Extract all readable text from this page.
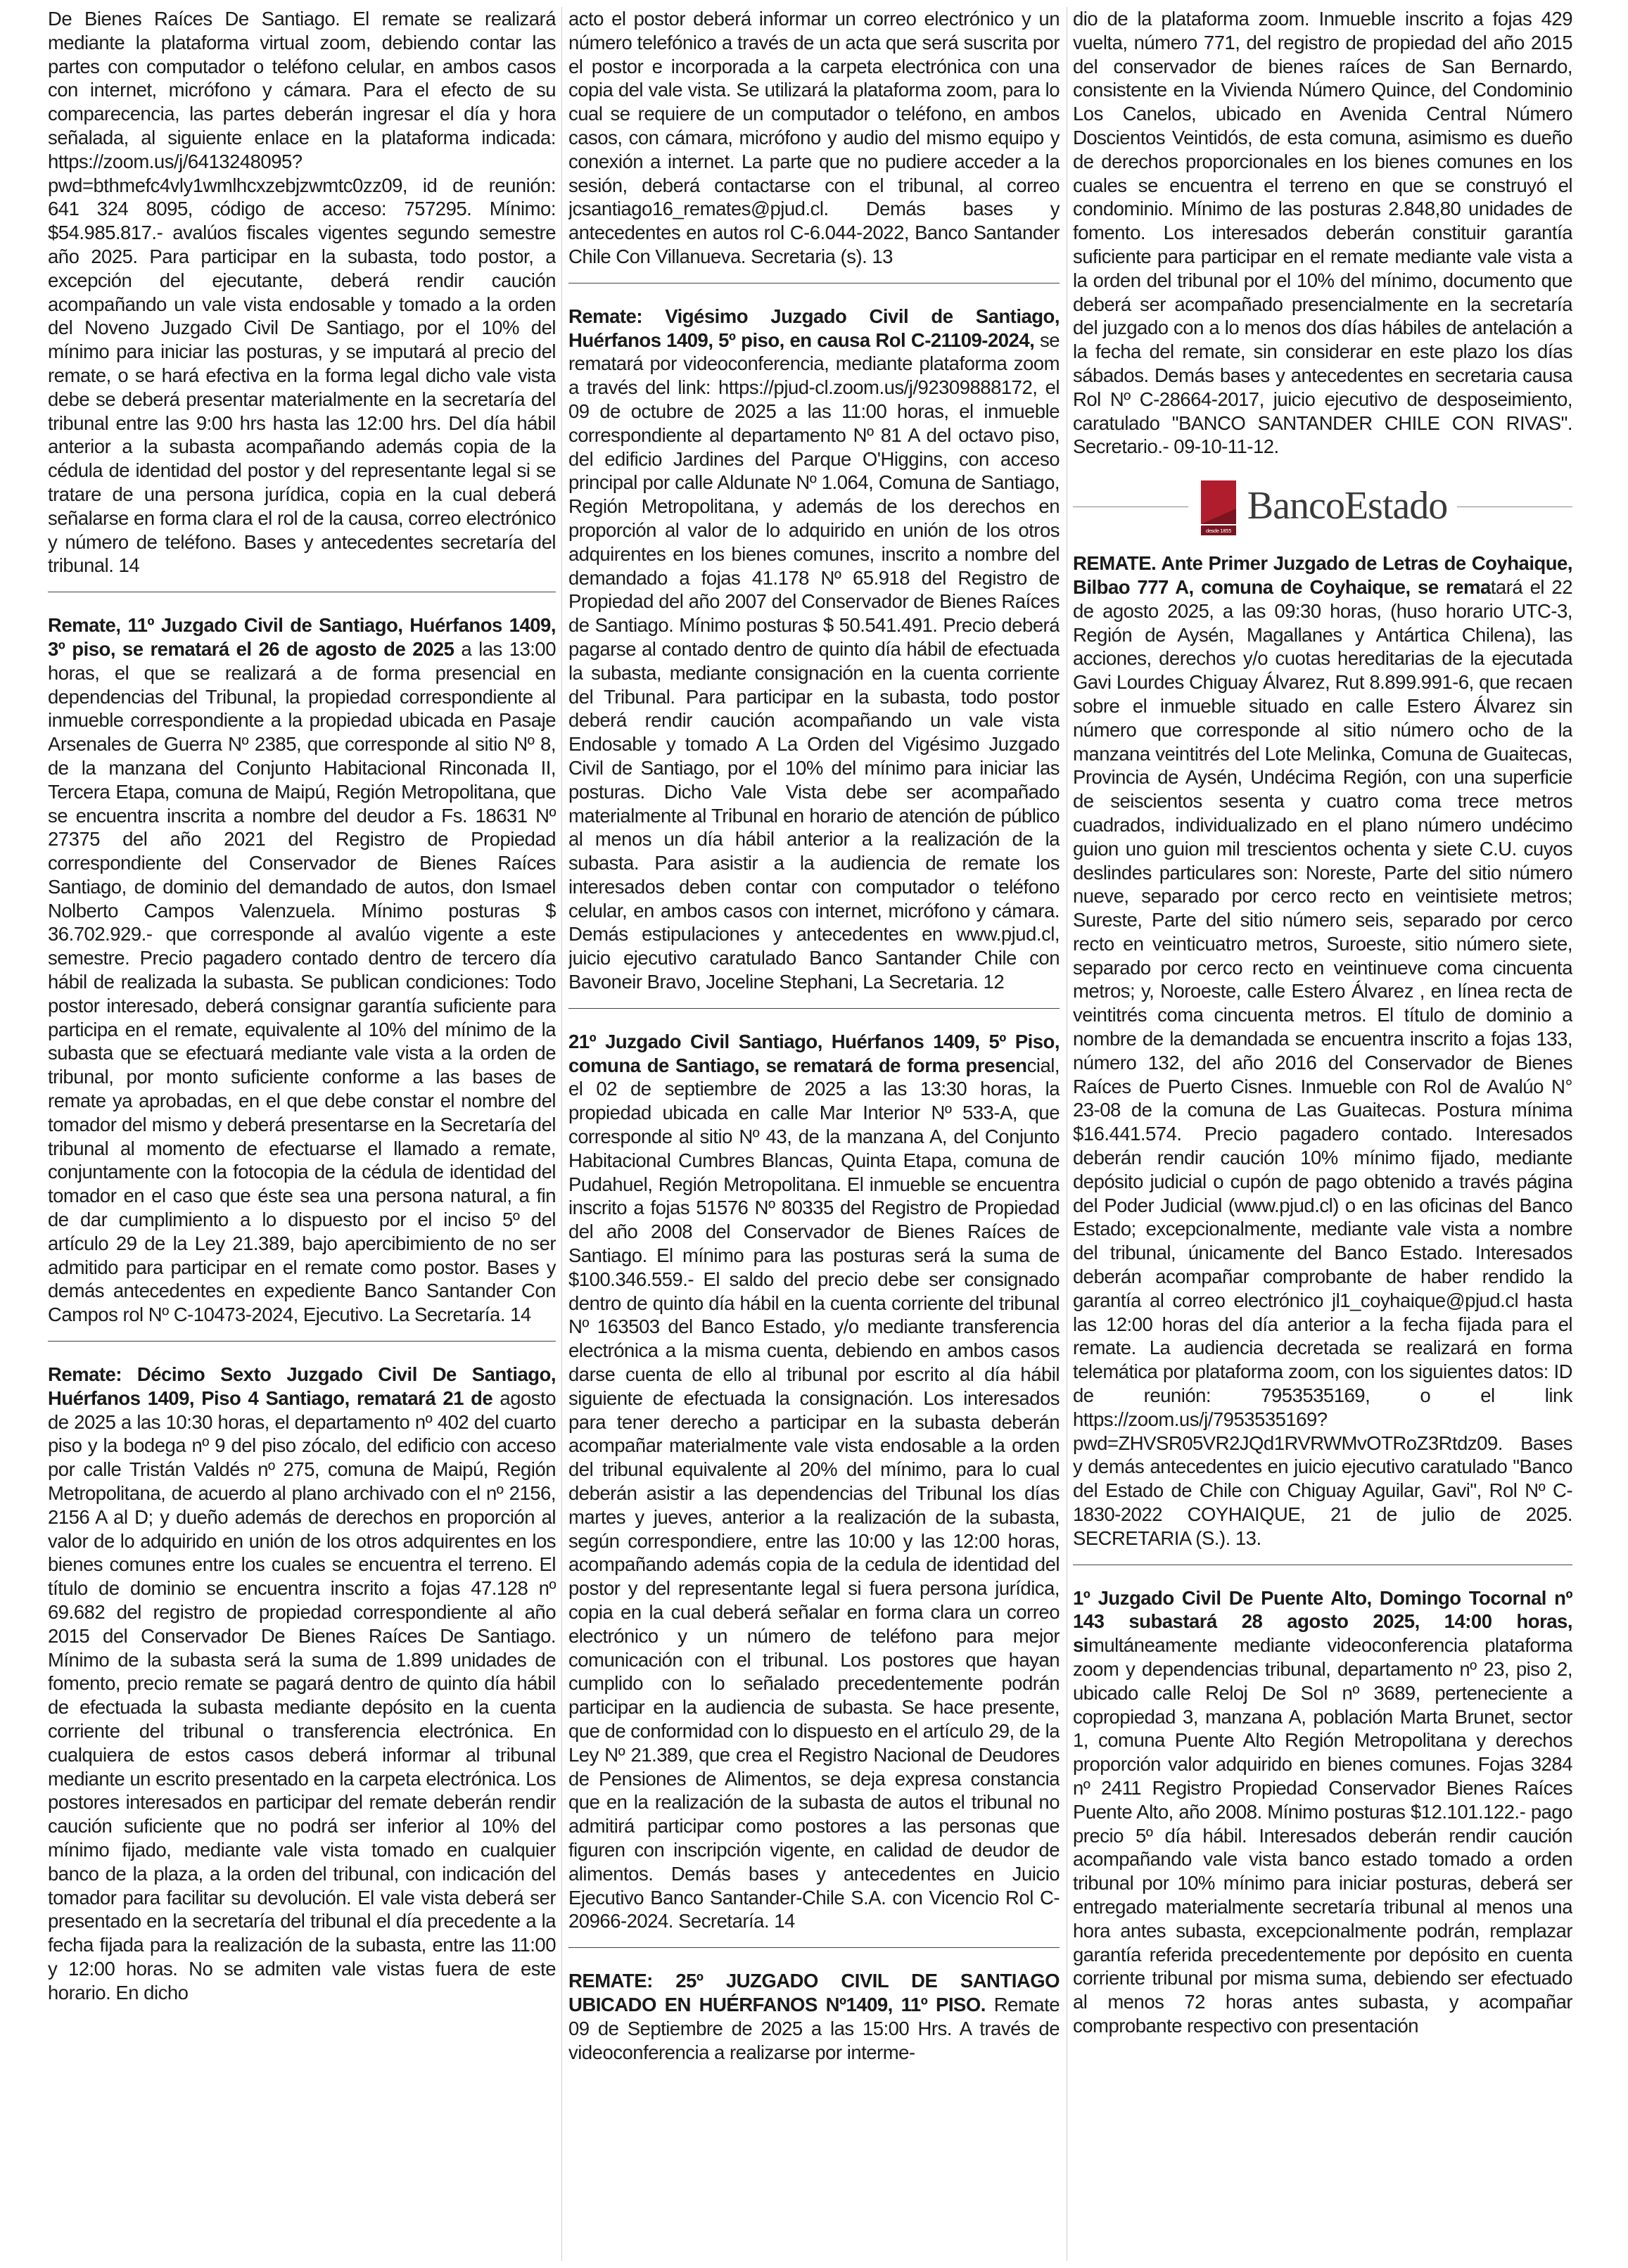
De Bienes Raíces De Santiago. El remate se realizará mediante la plataforma virtual zoom, debiendo contar las partes con computador o teléfono celular, en ambos casos con internet, micrófono y cámara. Para el efecto de su comparecencia, las partes deberán ingresar el día y hora señalada, al siguiente enlace en la plataforma indicada: https://zoom.us/j/6413248095?pwd=bthmefc4vly1wmlhcxzebjzwmtc0zz09, id de reunión: 641 324 8095, código de acceso: 757295. Mínimo: $54.985.817.- avalúos fiscales vigentes segundo semestre año 2025. Para participar en la subasta, todo postor, a excepción del ejecutante, deberá rendir caución acompañando un vale vista endosable y tomado a la orden del Noveno Juzgado Civil De Santiago, por el 10% del mínimo para iniciar las posturas, y se imputará al precio del remate, o se hará efectiva en la forma legal dicho vale vista debe se deberá presentar materialmente en la secretaría del tribunal entre las 9:00 hrs hasta las 12:00 hrs. Del día hábil anterior a la subasta acompañando además copia de la cédula de identidad del postor y del representante legal si se tratare de una persona jurídica, copia en la cual deberá señalarse en forma clara el rol de la causa, correo electrónico y número de teléfono. Bases y antecedentes secretaría del tribunal. 14

Remate, 11º Juzgado Civil de Santiago, Huérfanos 1409, 3º piso, se rematará el 26 de agosto de 2025 a las 13:00 horas, el que se realizará a de forma presencial en dependencias del Tribunal, la propiedad correspondiente al inmueble correspondiente a la propiedad ubicada en Pasaje Arsenales de Guerra Nº 2385, que corresponde al sitio Nº 8, de la manzana del Conjunto Habitacional Rinconada II, Tercera Etapa, comuna de Maipú, Región Metropolitana, que se encuentra inscrita a nombre del deudor a Fs. 18631 Nº 27375 del año 2021 del Registro de Propiedad correspondiente del Conservador de Bienes Raíces Santiago, de dominio del demandado de autos, don Ismael Nolberto Campos Valenzuela. Mínimo posturas $ 36.702.929.- que corresponde al avalúo vigente a este semestre. Precio pagadero contado dentro de tercero día hábil de realizada la subasta. Se publican condiciones: Todo postor interesado, deberá consignar garantía suficiente para participa en el remate, equivalente al 10% del mínimo de la subasta que se efectuará mediante vale vista a la orden de tribunal, por monto suficiente conforme a las bases de remate ya aprobadas, en el que debe constar el nombre del tomador del mismo y deberá presentarse en la Secretaría del tribunal al momento de efectuarse el llamado a remate, conjuntamente con la fotocopia de la cédula de identidad del tomador en el caso que éste sea una persona natural, a fin de dar cumplimiento a lo dispuesto por el inciso 5º del artículo 29 de la Ley 21.389, bajo apercibimiento de no ser admitido para participar en el remate como postor. Bases y demás antecedentes en expediente Banco Santander Con Campos rol Nº C-10473-2024, Ejecutivo. La Secretaría. 14

Remate: Décimo Sexto Juzgado Civil De Santiago, Huérfanos 1409, Piso 4 Santiago, rematará 21 de agosto de 2025 a las 10:30 horas, el departamento nº 402 del cuarto piso y la bodega nº 9 del piso zócalo, del edificio con acceso por calle Tristán Valdés nº 275, comuna de Maipú, Región Metropolitana, de acuerdo al plano archivado con el nº 2156, 2156 A al D; y dueño además de derechos en proporción al valor de lo adquirido en unión de los otros adquirentes en los bienes comunes entre los cuales se encuentra el terreno. El título de dominio se encuentra inscrito a fojas 47.128 nº 69.682 del registro de propiedad correspondiente al año 2015 del Conservador De Bienes Raíces De Santiago. Mínimo de la subasta será la suma de 1.899 unidades de fomento, precio remate se pagará dentro de quinto día hábil de efectuada la subasta mediante depósito en la cuenta corriente del tribunal o transferencia electrónica. En cualquiera de estos casos deberá informar al tribunal mediante un escrito presentado en la carpeta electrónica. Los postores interesados en participar del remate deberán rendir caución suficiente que no podrá ser inferior al 10% del mínimo fijado, mediante vale vista tomado en cualquier banco de la plaza, a la orden del tribunal, con indicación del tomador para facilitar su devolución. El vale vista deberá ser presentado en la secretaría del tribunal el día precedente a la fecha fijada para la realización de la subasta, entre las 11:00 y 12:00 horas. No se admiten vale vistas fuera de este horario. En dicho

acto el postor deberá informar un correo electrónico y un número telefónico a través de un acta que será suscrita por el postor e incorporada a la carpeta electrónica con una copia del vale vista. Se utilizará la plataforma zoom, para lo cual se requiere de un computador o teléfono, en ambos casos, con cámara, micrófono y audio del mismo equipo y conexión a internet. La parte que no pudiere acceder a la sesión, deberá contactarse con el tribunal, al correo jcsantiago16_remates@pjud.cl. Demás bases y antecedentes en autos rol C-6.044-2022, Banco Santander Chile Con Villanueva. Secretaria (s). 13

Remate: Vigésimo Juzgado Civil de Santiago, Huérfanos 1409, 5º piso, en causa Rol C-21109-2024, se rematará por videoconferencia, mediante plataforma zoom a través del link: https://pjud-cl.zoom.us/j/92309888172, el 09 de octubre de 2025 a las 11:00 horas, el inmueble correspondiente al departamento Nº 81 A del octavo piso, del edificio Jardines del Parque O'Higgins, con acceso principal por calle Aldunate Nº 1.064, Comuna de Santiago, Región Metropolitana, y además de los derechos en proporción al valor de lo adquirido en unión de los otros adquirentes en los bienes comunes, inscrito a nombre del demandado a fojas 41.178 Nº 65.918 del Registro de Propiedad del año 2007 del Conservador de Bienes Raíces de Santiago. Mínimo posturas $ 50.541.491. Precio deberá pagarse al contado dentro de quinto día hábil de efectuada la subasta, mediante consignación en la cuenta corriente del Tribunal. Para participar en la subasta, todo postor deberá rendir caución acompañando un vale vista Endosable y tomado A La Orden del Vigésimo Juzgado Civil de Santiago, por el 10% del mínimo para iniciar las posturas. Dicho Vale Vista debe ser acompañado materialmente al Tribunal en horario de atención de público al menos un día hábil anterior a la realización de la subasta. Para asistir a la audiencia de remate los interesados deben contar con computador o teléfono celular, en ambos casos con internet, micrófono y cámara. Demás estipulaciones y antecedentes en www.pjud.cl, juicio ejecutivo caratulado Banco Santander Chile con Bavoneir Bravo, Joceline Stephani, La Secretaria. 12

21º Juzgado Civil Santiago, Huérfanos 1409, 5º Piso, comuna de Santiago, se rematará de forma presencial, el 02 de septiembre de 2025 a las 13:30 horas, la propiedad ubicada en calle Mar Interior Nº 533-A, que corresponde al sitio Nº 43, de la manzana A, del Conjunto Habitacional Cumbres Blancas, Quinta Etapa, comuna de Pudahuel, Región Metropolitana. El inmueble se encuentra inscrito a fojas 51576 Nº 80335 del Registro de Propiedad del año 2008 del Conservador de Bienes Raíces de Santiago. El mínimo para las posturas será la suma de $100.346.559.- El saldo del precio debe ser consignado dentro de quinto día hábil en la cuenta corriente del tribunal Nº 163503 del Banco Estado, y/o mediante transferencia electrónica a la misma cuenta, debiendo en ambos casos darse cuenta de ello al tribunal por escrito al día hábil siguiente de efectuada la consignación. Los interesados para tener derecho a participar en la subasta deberán acompañar materialmente vale vista endosable a la orden del tribunal equivalente al 20% del mínimo, para lo cual deberán asistir a las dependencias del Tribunal los días martes y jueves, anterior a la realización de la subasta, según correspondiere, entre las 10:00 y las 12:00 horas, acompañando además copia de la cedula de identidad del postor y del representante legal si fuera persona jurídica, copia en la cual deberá señalar en forma clara un correo electrónico y un número de teléfono para mejor comunicación con el tribunal. Los postores que hayan cumplido con lo señalado precedentemente podrán participar en la audiencia de subasta. Se hace presente, que de conformidad con lo dispuesto en el artículo 29, de la Ley Nº 21.389, que crea el Registro Nacional de Deudores de Pensiones de Alimentos, se deja expresa constancia que en la realización de la subasta de autos el tribunal no admitirá participar como postores a las personas que figuren con inscripción vigente, en calidad de deudor de alimentos. Demás bases y antecedentes en Juicio Ejecutivo Banco Santander-Chile S.A. con Vicencio Rol C-20966-2024. Secretaría. 14

REMATE: 25º JUZGADO CIVIL DE SANTIAGO UBICADO EN HUÉRFANOS Nº1409, 11º PISO. Remate 09 de Septiembre de 2025 a las 15:00 Hrs. A través de videoconferencia a realizarse por interme-

dio de la plataforma zoom. Inmueble inscrito a fojas 429 vuelta, número 771, del registro de propiedad del año 2015 del conservador de bienes raíces de San Bernardo, consistente en la Vivienda Número Quince, del Condominio Los Canelos, ubicado en Avenida Central Número Doscientos Veintidós, de esta comuna, asimismo es dueño de derechos proporcionales en los bienes comunes en los cuales se encuentra el terreno en que se construyó el condominio. Mínimo de las posturas 2.848,80 unidades de fomento. Los interesados deberán constituir garantía suficiente para participar en el remate mediante vale vista a la orden del tribunal por el 10% del mínimo, documento que deberá ser acompañado presencialmente en la secretaría del juzgado con a lo menos dos días hábiles de antelación a la fecha del remate, sin considerar en este plazo los días sábados. Demás bases y antecedentes en secretaria causa Rol Nº C-28664-2017, juicio ejecutivo de desposeimiento, caratulado "BANCO SANTANDER CHILE CON RIVAS". Secretario.- 09-10-11-12.

desde 1855
BancoEstado

REMATE. Ante Primer Juzgado de Letras de Coyhaique, Bilbao 777 A, comuna de Coyhaique, se rematará el 22 de agosto 2025, a las 09:30 horas, (huso horario UTC-3, Región de Aysén, Magallanes y Antártica Chilena), las acciones, derechos y/o cuotas hereditarias de la ejecutada Gavi Lourdes Chiguay Álvarez, Rut 8.899.991-6, que recaen sobre el inmueble situado en calle Estero Álvarez sin número que corresponde al sitio número ocho de la manzana veintitrés del Lote Melinka, Comuna de Guaitecas, Provincia de Aysén, Undécima Región, con una superficie de seiscientos sesenta y cuatro coma trece metros cuadrados, individualizado en el plano número undécimo guion uno guion mil trescientos ochenta y siete C.U. cuyos deslindes particulares son: Noreste, Parte del sitio número nueve, separado por cerco recto en veintisiete metros; Sureste, Parte del sitio número seis, separado por cerco recto en veinticuatro metros, Suroeste, sitio número siete, separado por cerco recto en veintinueve coma cincuenta metros; y, Noroeste, calle Estero Álvarez , en línea recta de veintitrés coma cincuenta metros. El título de dominio a nombre de la demandada se encuentra inscrito a fojas 133, número 132, del año 2016 del Conservador de Bienes Raíces de Puerto Cisnes. Inmueble con Rol de Avalúo N° 23-08 de la comuna de Las Guaitecas. Postura mínima $16.441.574. Precio pagadero contado. Interesados deberán rendir caución 10% mínimo fijado, mediante depósito judicial o cupón de pago obtenido a través página del Poder Judicial (www.pjud.cl) o en las oficinas del Banco Estado; excepcionalmente, mediante vale vista a nombre del tribunal, únicamente del Banco Estado. Interesados deberán acompañar comprobante de haber rendido la garantía al correo electrónico jl1_coyhaique@pjud.cl hasta las 12:00 horas del día anterior a la fecha fijada para el remate. La audiencia decretada se realizará en forma telemática por plataforma zoom, con los siguientes datos: ID de reunión: 7953535169, o el link https://zoom.us/j/7953535169?pwd=ZHVSR05VR2JQd1RVRWMvOTRoZ3Rtdz09. Bases y demás antecedentes en juicio ejecutivo caratulado "Banco del Estado de Chile con Chiguay Aguilar, Gavi", Rol Nº C-1830-2022 COYHAIQUE, 21 de julio de 2025. SECRETARIA (S.). 13.

1º Juzgado Civil De Puente Alto, Domingo Tocornal nº 143 subastará 28 agosto 2025, 14:00 horas, simultáneamente mediante videoconferencia plataforma zoom y dependencias tribunal, departamento nº 23, piso 2, ubicado calle Reloj De Sol nº 3689, perteneciente a copropiedad 3, manzana A, población Marta Brunet, sector 1, comuna Puente Alto Región Metropolitana y derechos proporción valor adquirido en bienes comunes. Fojas 3284 nº 2411 Registro Propiedad Conservador Bienes Raíces Puente Alto, año 2008. Mínimo posturas $12.101.122.- pago precio 5º día hábil. Interesados deberán rendir caución acompañando vale vista banco estado tomado a orden tribunal por 10% mínimo para iniciar posturas, deberá ser entregado materialmente secretaría tribunal al menos una hora antes subasta, excepcionalmente podrán, remplazar garantía referida precedentemente por depósito en cuenta corriente tribunal por misma suma, debiendo ser efectuado al menos 72 horas antes subasta, y acompañar comprobante respectivo con presentación
